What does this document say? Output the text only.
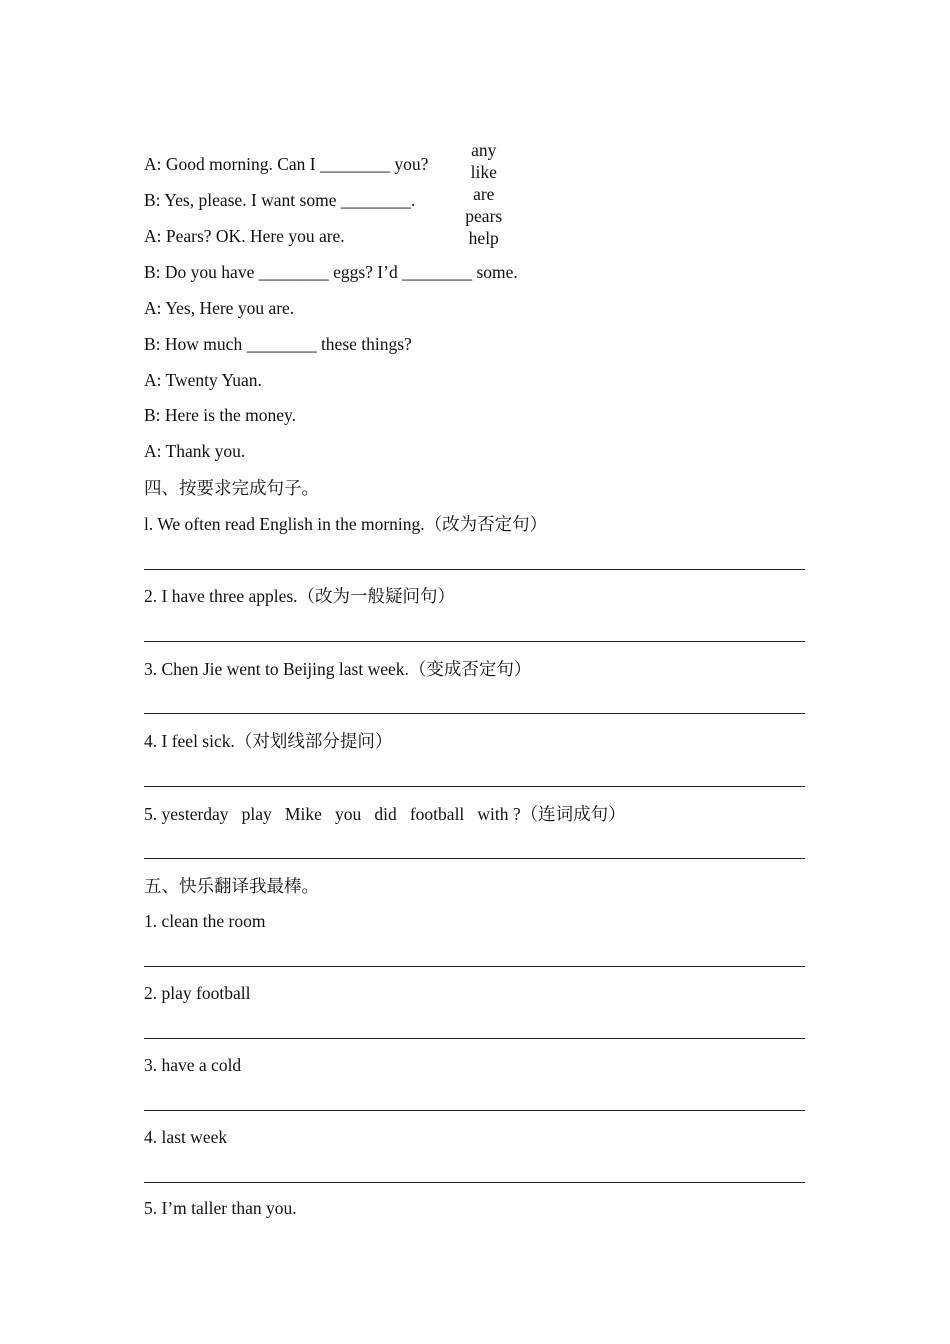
any
like
are
pears
help

A: Good morning. Can I ________ you?
B: Yes, please. I want some ________.
A: Pears? OK. Here you are.
B: Do you have ________ eggs? I’d ________ some.
A: Yes, Here you are.
B: How much ________ these things?
A: Twenty Yuan.
B: Here is the money.
A: Thank you.
四、按要求完成句子。
l. We often read English in the morning.（改为否定句）
2. I have three apples.（改为一般疑问句）
3. Chen Jie went to Beijing last week.（变成否定句）
4. I feel sick.（对划线部分提问）
5. yesterday   play   Mike   you   did   football   with ?（连词成句）
五、快乐翻译我最棒。
1. clean the room
2. play football
3. have a cold
4. last week
5. I’m taller than you.
